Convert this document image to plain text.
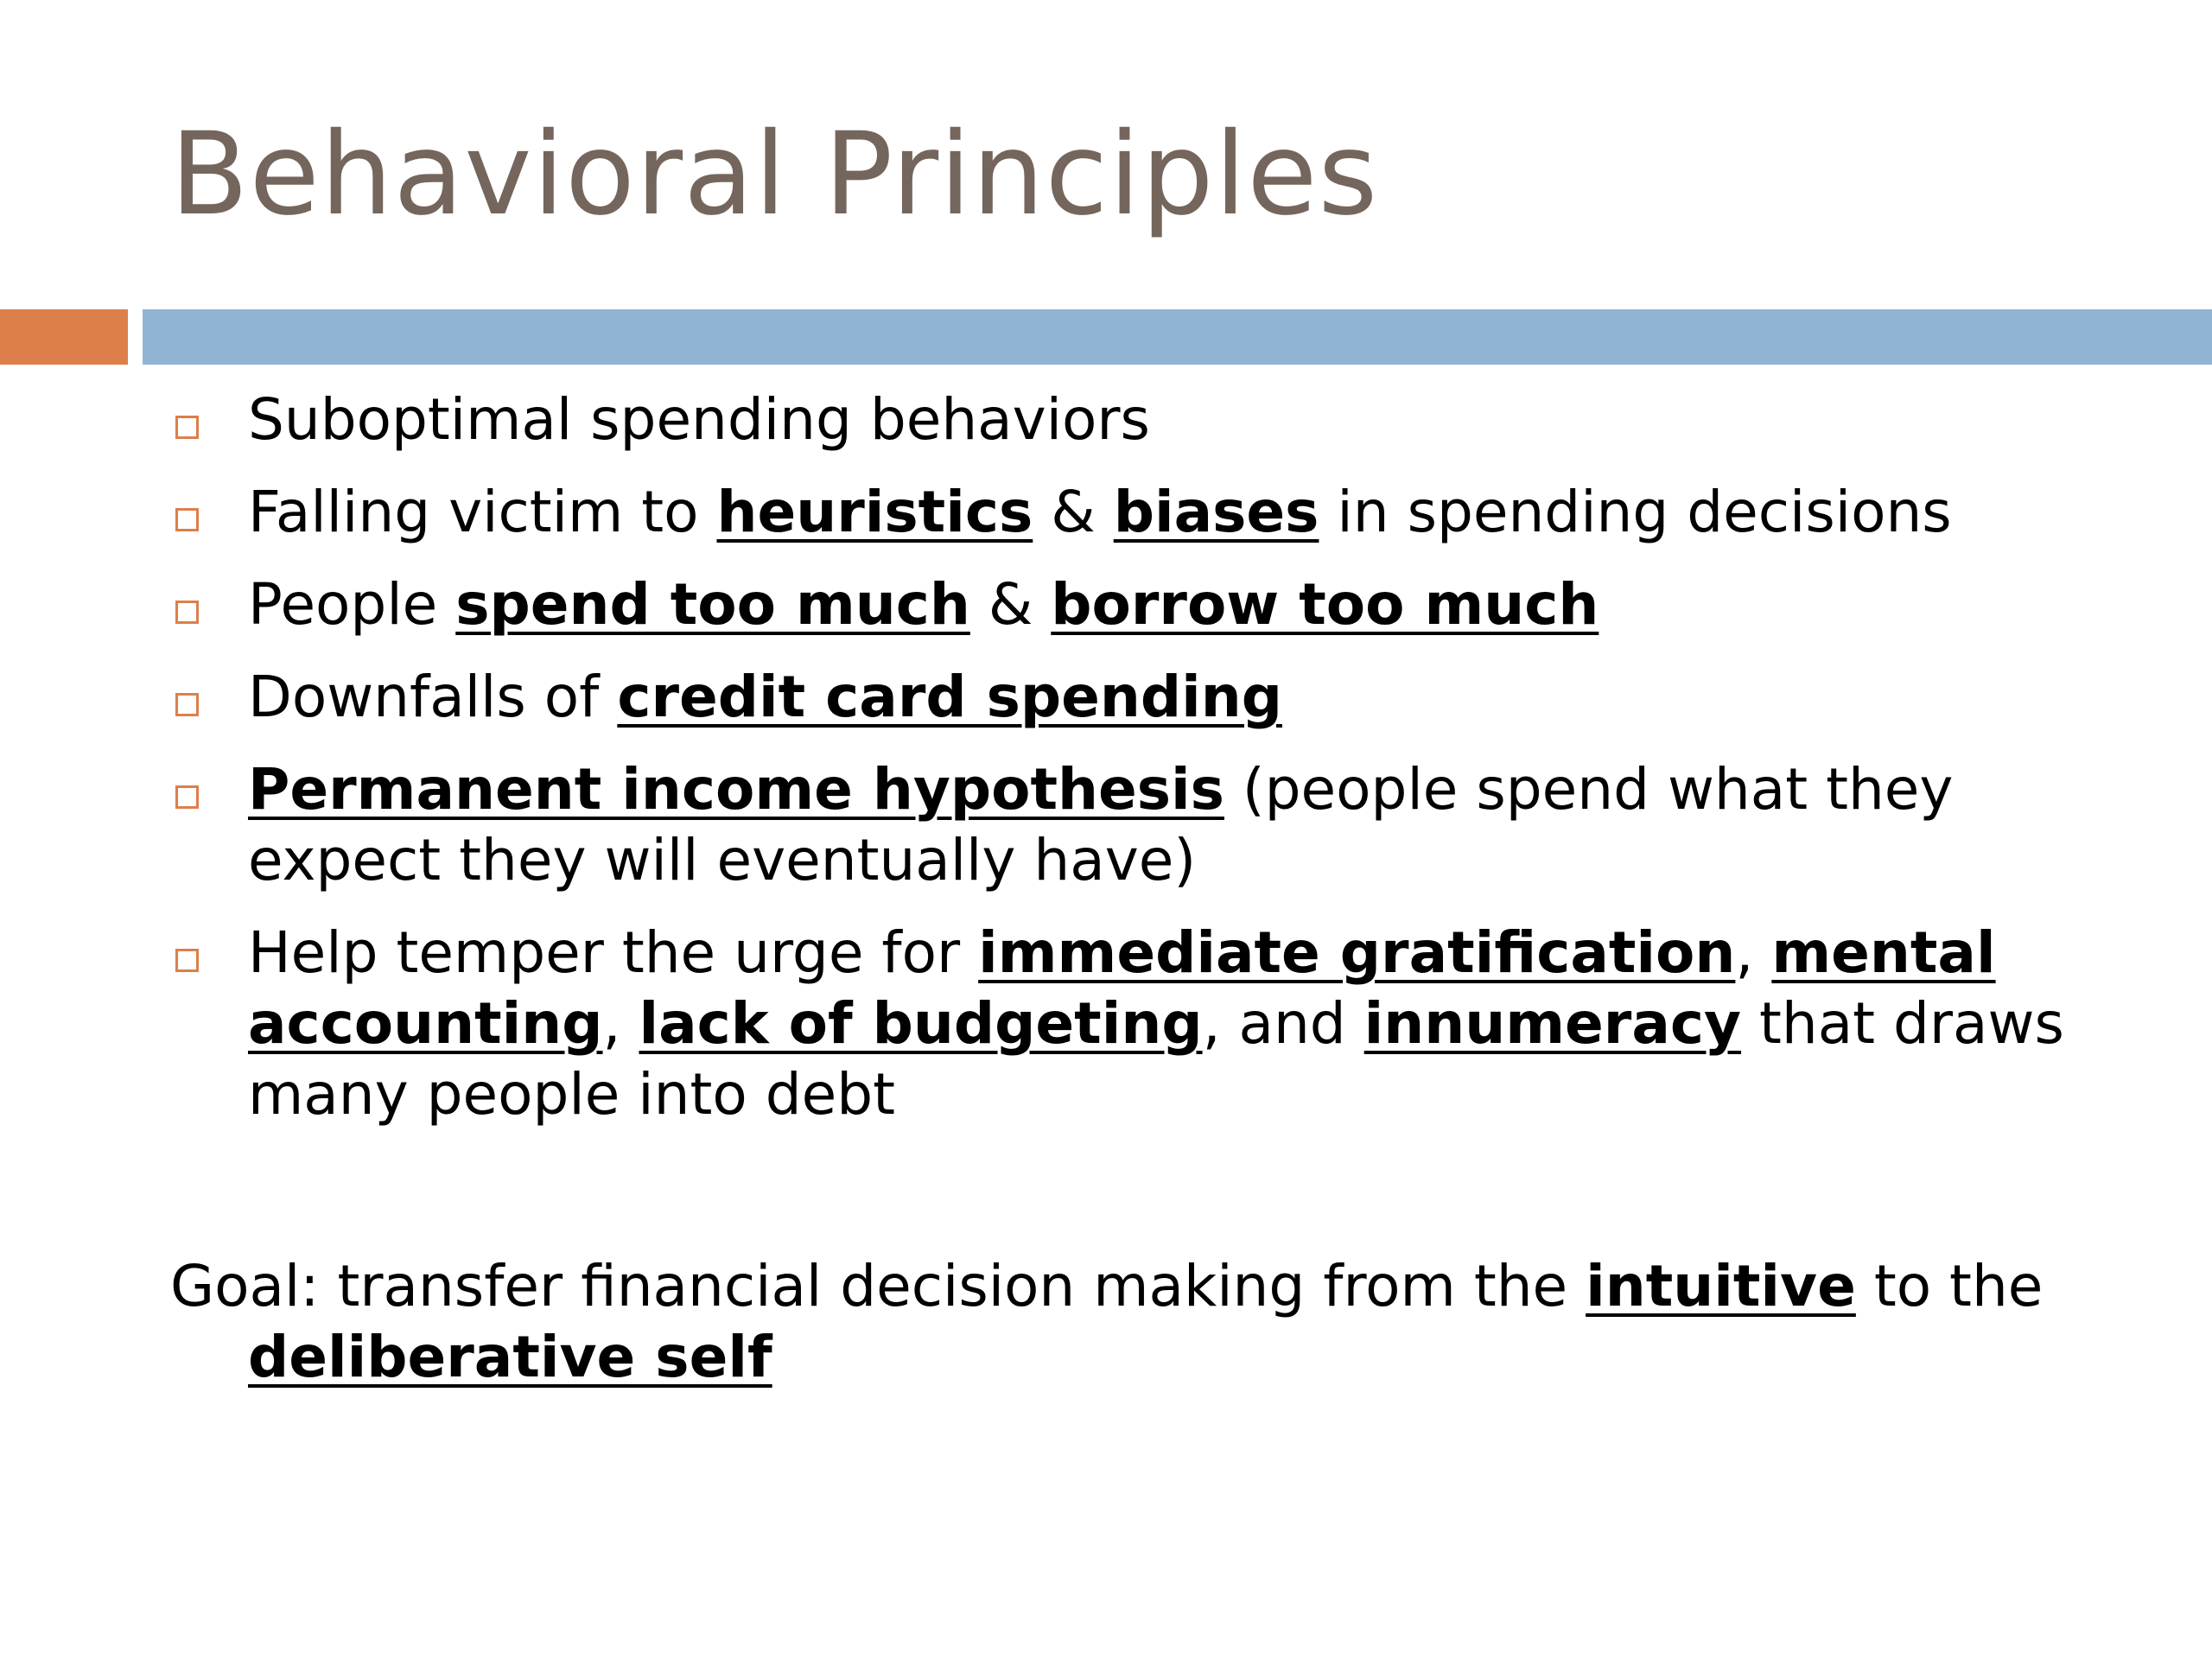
Behavioral Principles
Suboptimal spending behaviors
Falling victim to heuristics & biases in spending decisions
People spend too much & borrow too much
Downfalls of credit card spending
Permanent income hypothesis (people spend what they expect they will eventually have)
Help temper the urge for immediate gratification, mental accounting, lack of budgeting, and innumeracy that draws many people into debt
Goal: transfer financial decision making from the intuitive to the deliberative self
